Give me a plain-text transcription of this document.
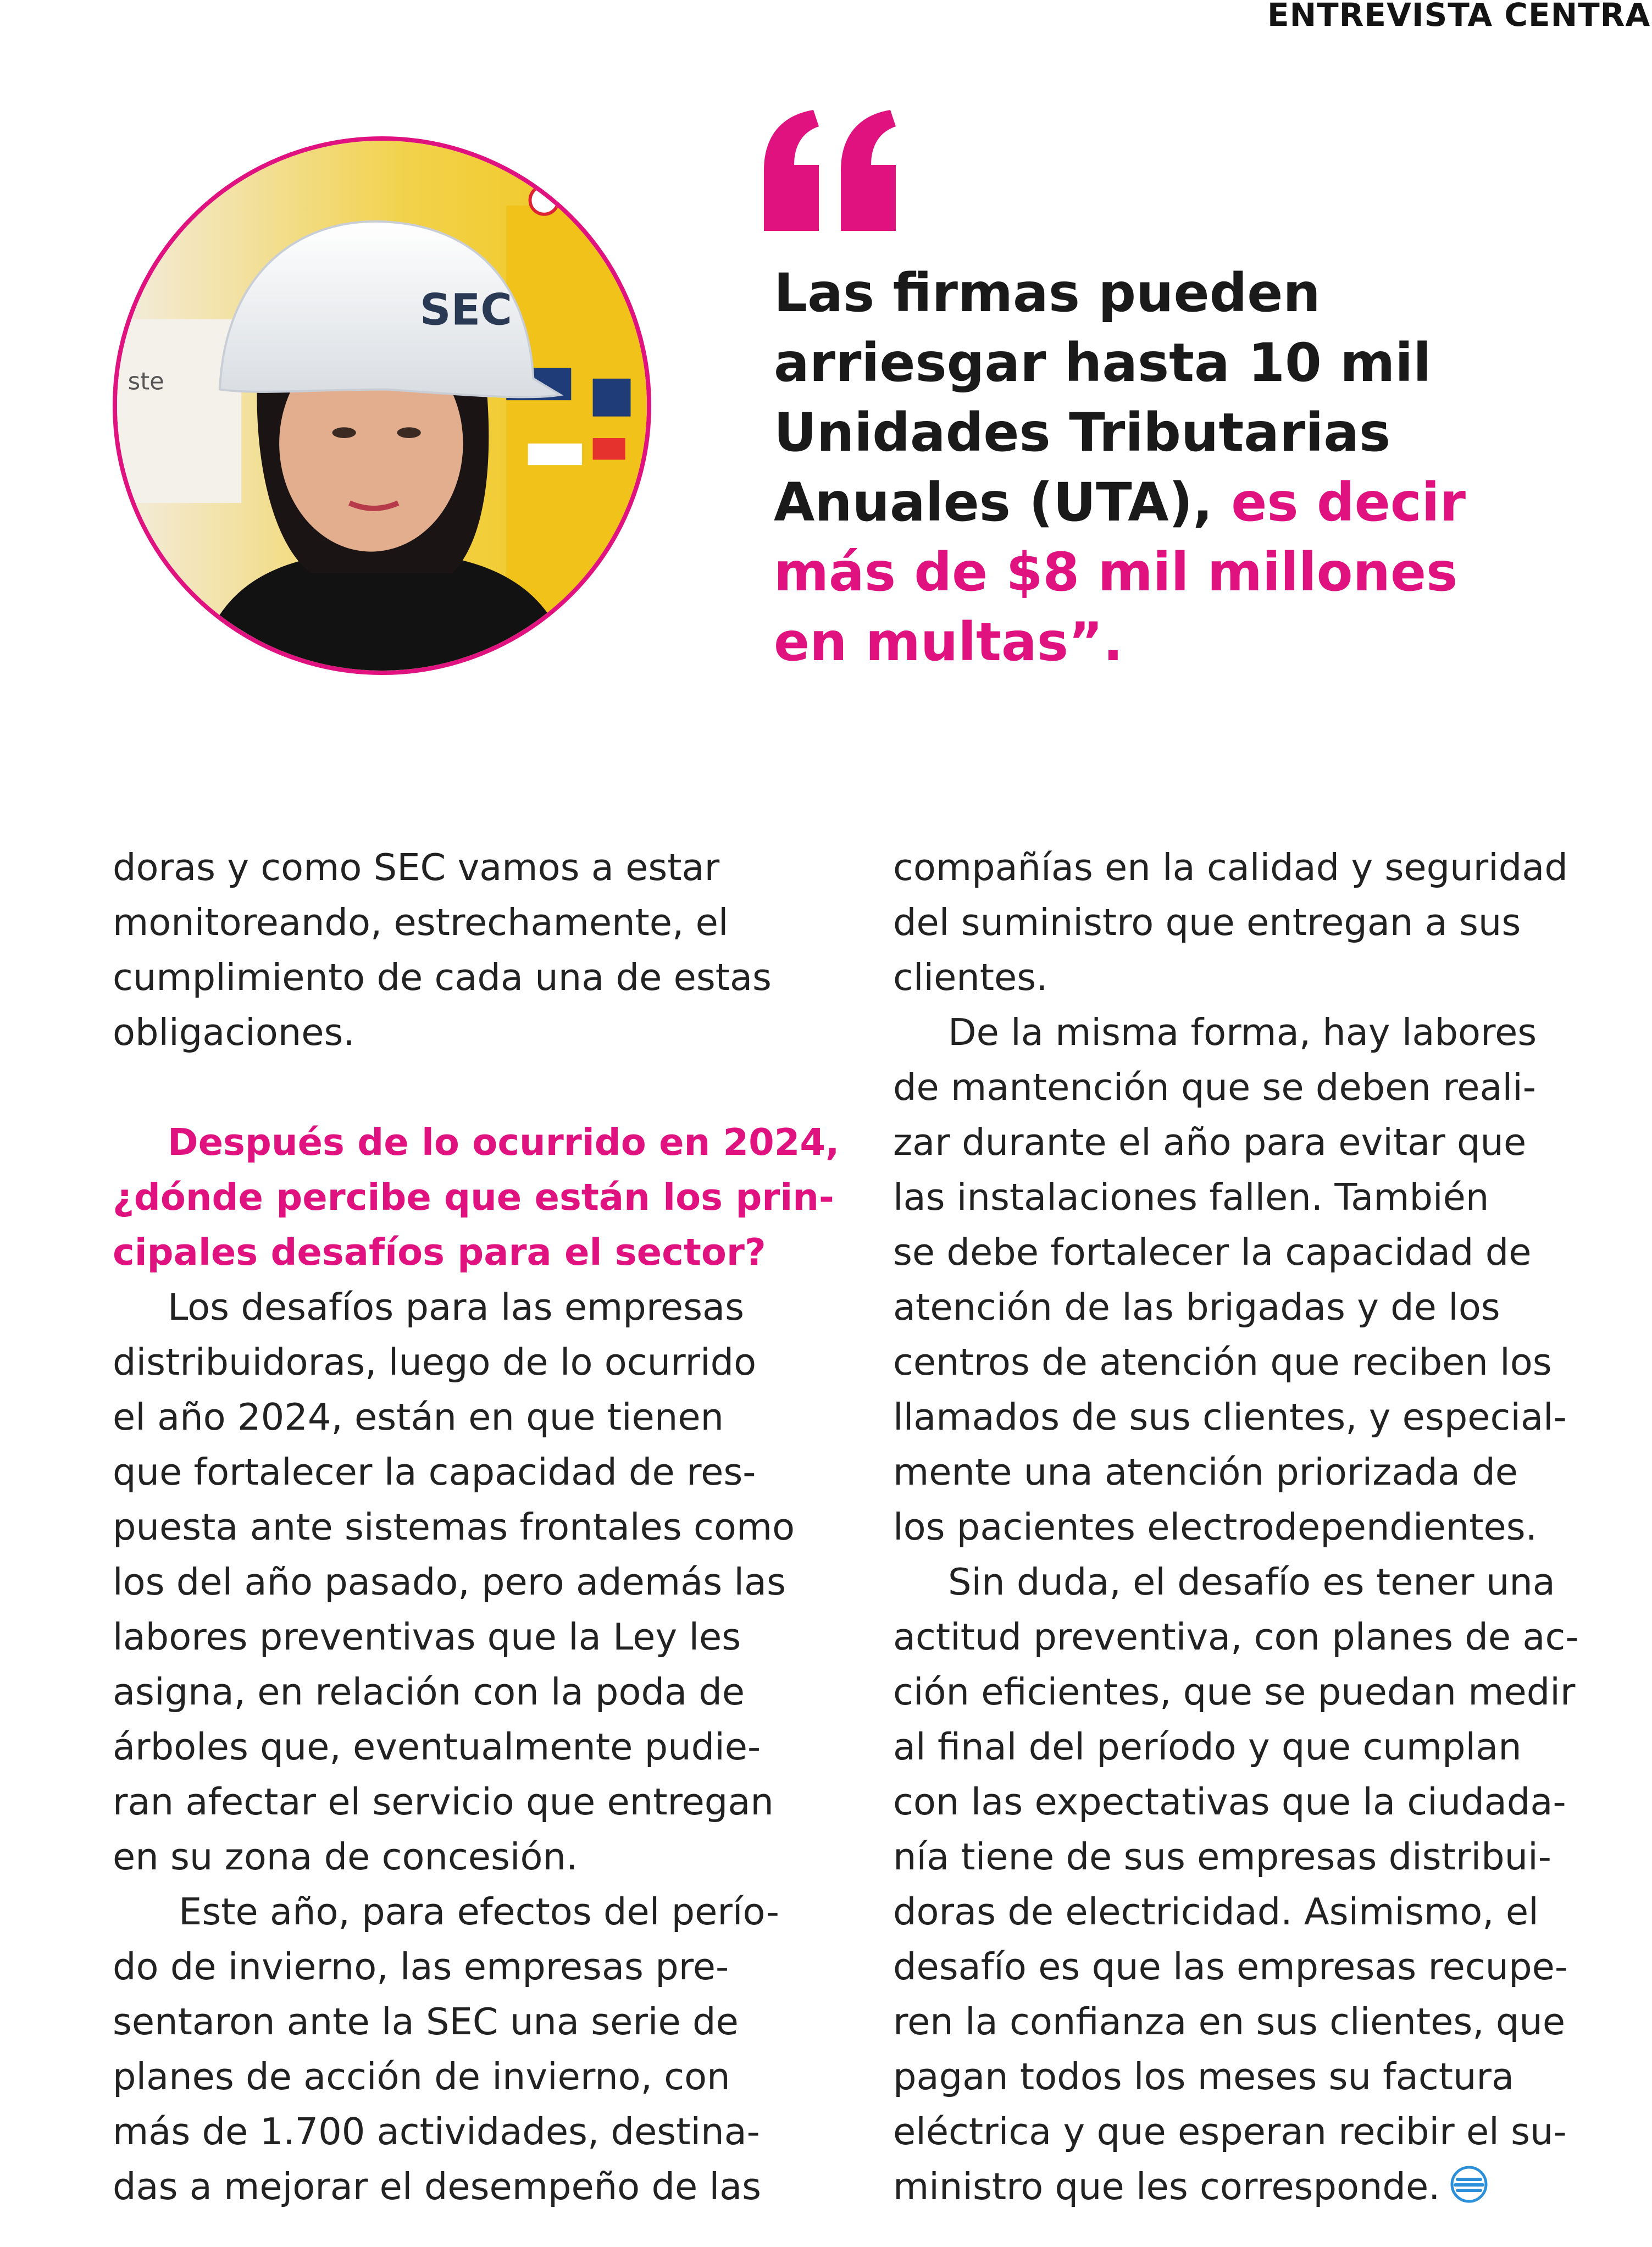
ENTREVISTA CENTRA
SEC
ste
Las firmas pueden arriesgar hasta 10 mil Unidades Tributarias Anuales (UTA), es decir más de $8 mil millones en multas”.

doras y como SEC vamos a estar
monitoreando, estrechamente, el
cumplimiento de cada una de estas
obligaciones.

Después de lo ocurrido en 2024,
¿dónde percibe que están los prin-
cipales desafíos para el sector?

Los desafíos para las empresas
distribuidoras, luego de lo ocurrido
el año 2024, están en que tienen
que fortalecer la capacidad de res-
puesta ante sistemas frontales como
los del año pasado, pero además las
labores preventivas que la Ley les
asigna, en relación con la poda de
árboles que, eventualmente pudie-
ran afectar el servicio que entregan
en su zona de concesión.

Este año, para efectos del perío-
do de invierno, las empresas pre-
sentaron ante la SEC una serie de
planes de acción de invierno, con
más de 1.700 actividades, destina-
das a mejorar el desempeño de las

compañías en la calidad y seguridad
del suministro que entregan a sus
clientes.

De la misma forma, hay labores
de mantención que se deben reali-
zar durante el año para evitar que
las instalaciones fallen. También
se debe fortalecer la capacidad de
atención de las brigadas y de los
centros de atención que reciben los
llamados de sus clientes, y especial-
mente una atención priorizada de
los pacientes electrodependientes.

Sin duda, el desafío es tener una
actitud preventiva, con planes de ac-
ción eficientes, que se puedan medir
al final del período y que cumplan
con las expectativas que la ciudada-
nía tiene de sus empresas distribui-
doras de electricidad. Asimismo, el
desafío es que las empresas recupe-
ren la confianza en sus clientes, que
pagan todos los meses su factura
eléctrica y que esperan recibir el su-
ministro que les corresponde.
